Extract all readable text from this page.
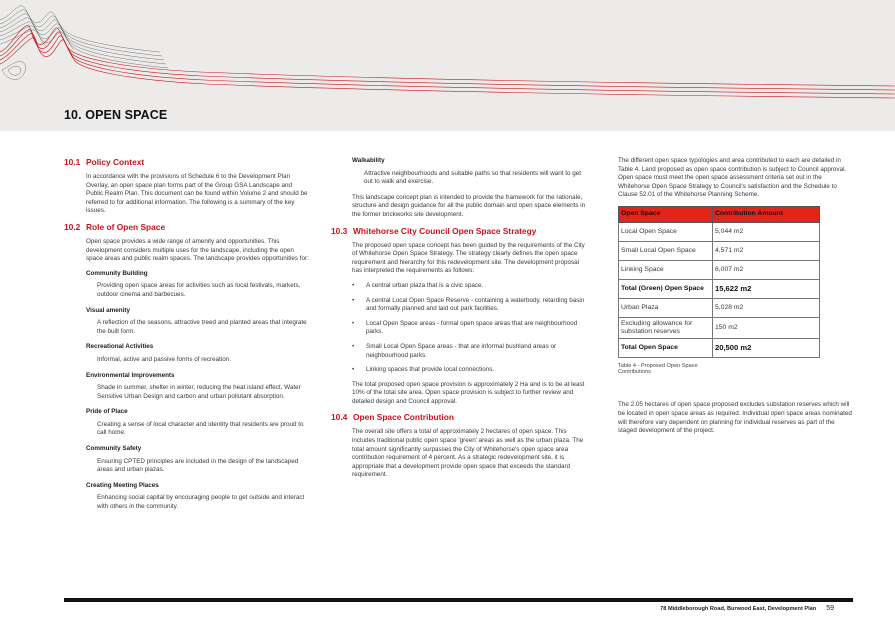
10. OPEN SPACE
10.1 Policy Context
In accordance with the provisions of Schedule 6 to the Development Plan Overlay, an open space plan forms part of the Group GSA Landscape and Public Realm Plan. This document can be found within Volume 2 and should be referred to for additional information. The following is a summary of the key issues.
10.2 Role of Open Space
Open space provides a wide range of amenity and opportunities. This development considers multiple uses for the landscape, including the open space areas and public realm spaces. The landscape provides opportunities for:
Community Building
Providing open space areas for activities such as local festivals, markets, outdoor cinema and barbecues.
Visual amenity
A reflection of the seasons, attractive treed and planted areas that integrate the built form.
Recreational Activities
Informal, active and passive forms of recreation.
Environmental Improvements
Shade in summer, shelter in winter, reducing the heat island effect, Water Sensitive Urban Design and carbon and urban pollutant absorption.
Pride of Place
Creating a sense of local character and identity that residents are proud to call home.
Community Safety
Ensuring CPTED principles are included in the design of the landscaped areas and urban plazas.
Creating Meeting Places
Enhancing social capital by encouraging people to get outside and interact with others in the community.
Walkability
Attractive neighbourhoods and suitable paths so that residents will want to get out to walk and exercise.
This landscape concept plan is intended to provide the framework for the rationale, structure and design guidance for all the public domain and open space elements in the former brickworks site development.
10.3 Whitehorse City Council Open Space Strategy
The proposed open space concept has been guided by the requirements of the City of Whitehorse Open Space Strategy. The strategy clearly defines the open space requirement and hierarchy for this redevelopment site. The development proposal has interpreted the requirements as follows:
• A central urban plaza that is a civic space.
• A central Local Open Space Reserve - containing a waterbody, retarding basin and formally planned and laid out park facilities.
• Local Open Space areas - formal open space areas that are neighbourhood parks.
• Small Local Open Space areas - that are informal bushland areas or neighbourhood parks.
• Linking spaces that provide local connections.
The total proposed open space provision is approximately 2 Ha and is to be at least 10% of the total site area. Open space provision is subject to further review and detailed design and Council approval.
10.4 Open Space Contribution
The overall site offers a total of approximately 2 hectares of open space. This includes traditional public open space 'green' areas as well as the urban plaza. The total amount significantly surpasses the City of Whitehorse's open space area contribution requirement of 4 percent. As a strategic redevelopment site, it is appropriate that a development provide open space that exceeds the standard requirement.
The different open space typologies and area contributed to each are detailed in Table 4. Land proposed as open space contribution is subject to Council approval. Open space must meet the open space assessment criteria set out in the Whitehorse Open Space Strategy to Council's satisfaction and the Schedule to Clause 52.01 of the Whitehorse Planning Scheme.
Open Space	Contribution Amount
Local Open Space	5,044 m2
Small Local Open Space	4,571 m2
Linking Space	6,007 m2
Total (Green) Open Space	15,622 m2
Urban Plaza	5,028 m2
Excluding allowance for substation reserves	150 m2
Total Open Space	20,500 m2
Table 4 - Proposed Open Space Contributions
The 2.05 hectares of open space proposed excludes substation reserves which will be located in open space areas as required. Individual open space areas nominated will therefore vary dependent on planning for individual reserves as part of the staged development of the project.
78 Middleborough Road, Burwood East, Development Plan 59
